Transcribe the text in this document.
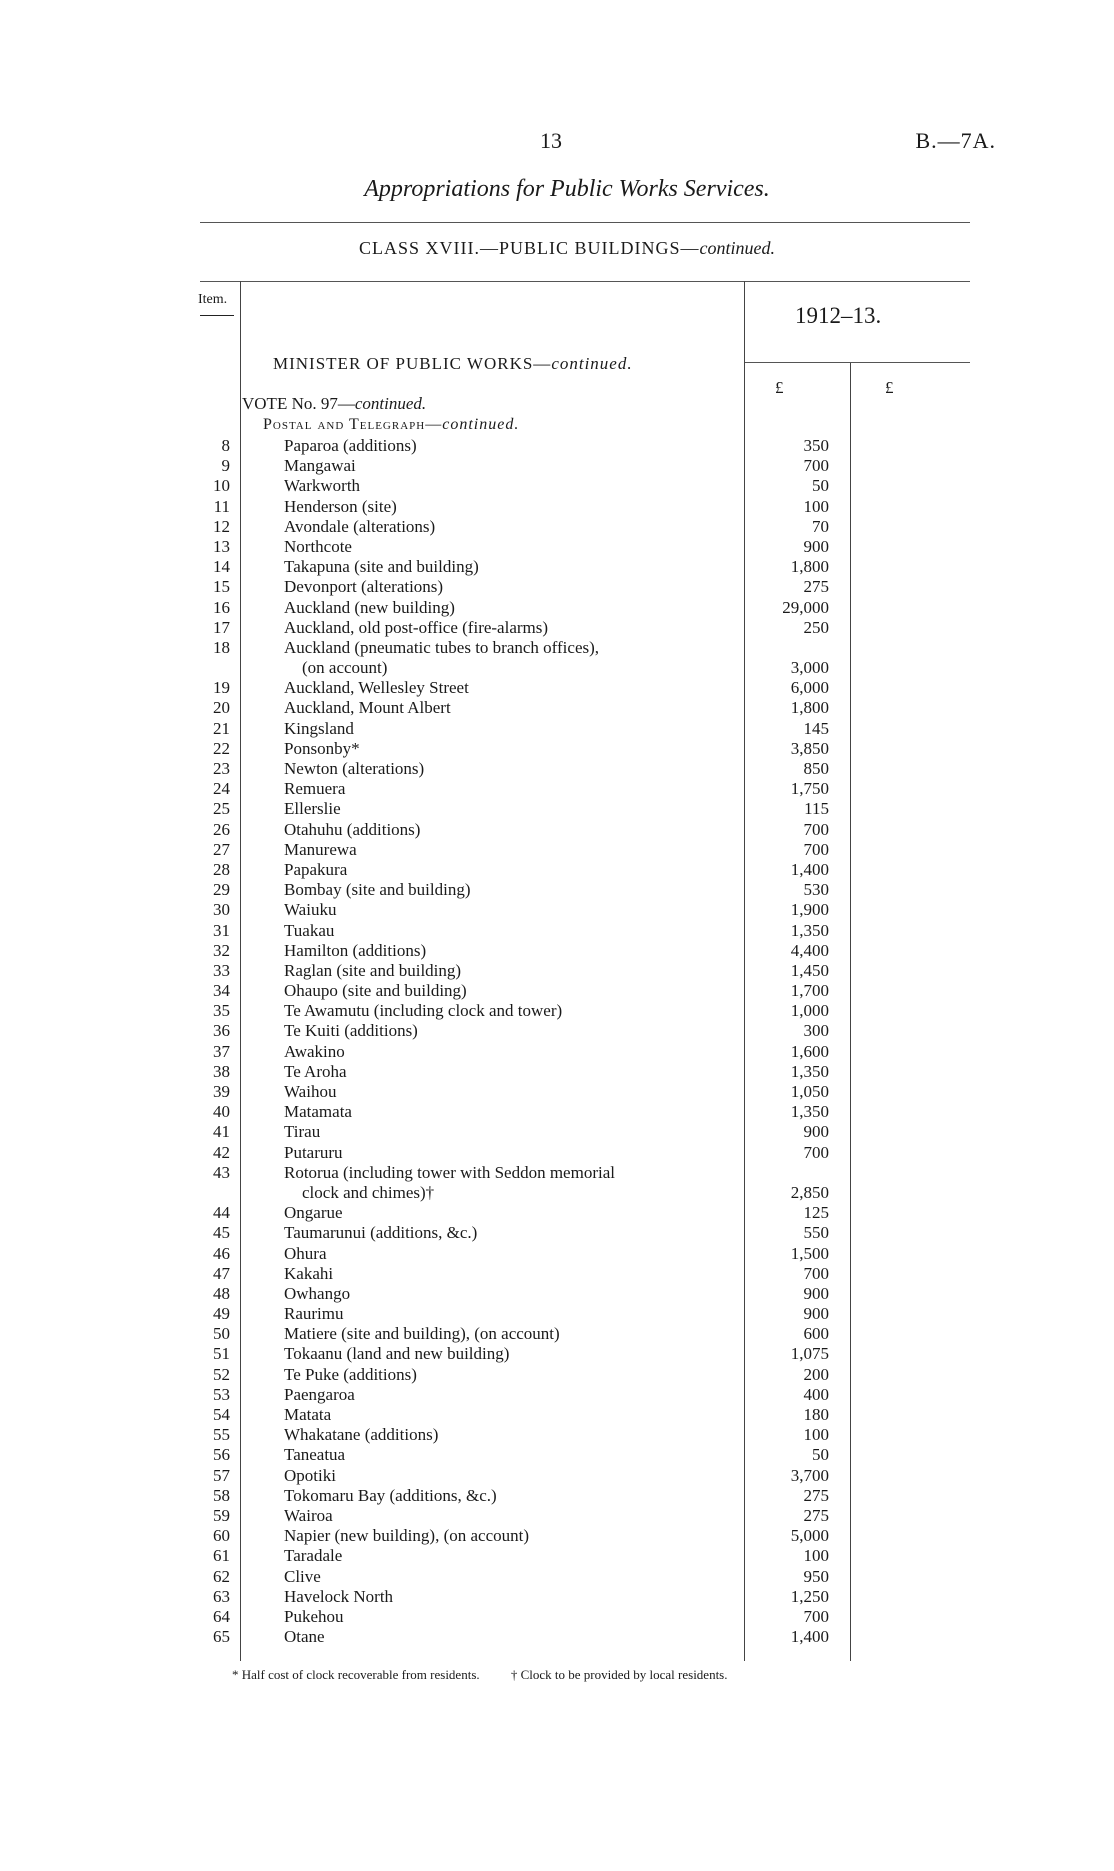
13	B.—7A.
Appropriations for Public Works Services.
CLASS XVIII.—PUBLIC BUILDINGS—continued.
Item.
1912–13.
MINISTER OF PUBLIC WORKS—continued.
£	£
VOTE No. 97—continued.
Postal and Telegraph—continued.
8	Paparoa (additions)	350
9	Mangawai	700
10	Warkworth	50
11	Henderson (site)	100
12	Avondale (alterations)	70
13	Northcote	900
14	Takapuna (site and building)	1,800
15	Devonport (alterations)	275
16	Auckland (new building)	29,000
17	Auckland, old post-office (fire-alarms)	250
18	Auckland (pneumatic tubes to branch offices),
(on account)	3,000
19	Auckland, Wellesley Street	6,000
20	Auckland, Mount Albert	1,800
21	Kingsland	145
22	Ponsonby*	3,850
23	Newton (alterations)	850
24	Remuera	1,750
25	Ellerslie	115
26	Otahuhu (additions)	700
27	Manurewa	700
28	Papakura	1,400
29	Bombay (site and building)	530
30	Waiuku	1,900
31	Tuakau	1,350
32	Hamilton (additions)	4,400
33	Raglan (site and building)	1,450
34	Ohaupo (site and building)	1,700
35	Te Awamutu (including clock and tower)	1,000
36	Te Kuiti (additions)	300
37	Awakino	1,600
38	Te Aroha	1,350
39	Waihou	1,050
40	Matamata	1,350
41	Tirau	900
42	Putaruru	700
43	Rotorua (including tower with Seddon memorial
clock and chimes)†	2,850
44	Ongarue	125
45	Taumarunui (additions, &c.)	550
46	Ohura	1,500
47	Kakahi	700
48	Owhango	900
49	Raurimu	900
50	Matiere (site and building), (on account)	600
51	Tokaanu (land and new building)	1,075
52	Te Puke (additions)	200
53	Paengaroa	400
54	Matata	180
55	Whakatane (additions)	100
56	Taneatua	50
57	Opotiki	3,700
58	Tokomaru Bay (additions, &c.)	275
59	Wairoa	275
60	Napier (new building), (on account)	5,000
61	Taradale	100
62	Clive	950
63	Havelock North	1,250
64	Pukehou	700
65	Otane	1,400
* Half cost of clock recoverable from residents. † Clock to be provided by local residents.
